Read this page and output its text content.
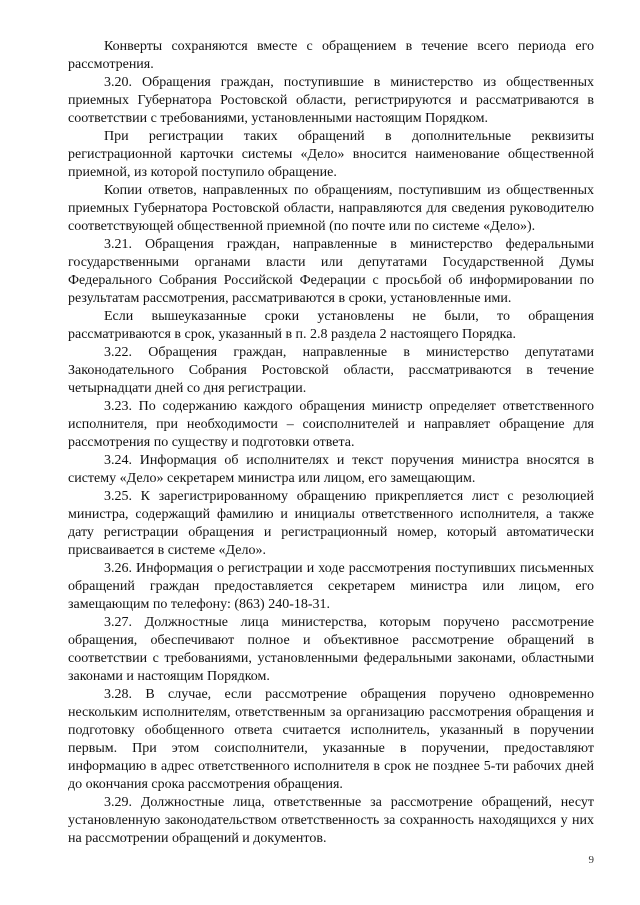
Конверты сохраняются вместе с обращением в течение всего периода его рассмотрения.

3.20. Обращения граждан, поступившие в министерство из общественных приемных Губернатора Ростовской области, регистрируются и рассматриваются в соответствии с требованиями, установленными настоящим Порядком.

При регистрации таких обращений в дополнительные реквизиты регистрационной карточки системы «Дело» вносится наименование общественной приемной, из которой поступило обращение.

Копии ответов, направленных по обращениям, поступившим из общественных приемных Губернатора Ростовской области, направляются для сведения руководителю соответствующей общественной приемной (по почте или по системе «Дело»).

3.21. Обращения граждан, направленные в министерство федеральными государственными органами власти или депутатами Государственной Думы Федерального Собрания Российской Федерации с просьбой об информировании по результатам рассмотрения, рассматриваются в сроки, установленные ими.

Если вышеуказанные сроки установлены не были, то обращения рассматриваются в срок, указанный в п. 2.8 раздела 2 настоящего Порядка.

3.22. Обращения граждан, направленные в министерство депутатами Законодательного Собрания Ростовской области, рассматриваются в течение четырнадцати дней со дня регистрации.

3.23. По содержанию каждого обращения министр определяет ответственного исполнителя, при необходимости – соисполнителей и направляет обращение для рассмотрения по существу и подготовки ответа.

3.24. Информация об исполнителях и текст поручения министра вносятся в систему «Дело» секретарем министра или лицом, его замещающим.

3.25. К зарегистрированному обращению прикрепляется лист с резолюцией министра, содержащий фамилию и инициалы ответственного исполнителя, а также дату регистрации обращения и регистрационный номер, который автоматически присваивается в системе «Дело».

3.26. Информация о регистрации и ходе рассмотрения поступивших письменных обращений граждан предоставляется секретарем министра или лицом, его замещающим по телефону: (863) 240-18-31.

3.27. Должностные лица министерства, которым поручено рассмотрение обращения, обеспечивают полное и объективное рассмотрение обращений в соответствии с требованиями, установленными федеральными законами, областными законами и настоящим Порядком.

3.28. В случае, если рассмотрение обращения поручено одновременно нескольким исполнителям, ответственным за организацию рассмотрения обращения и подготовку обобщенного ответа считается исполнитель, указанный в поручении первым. При этом соисполнители, указанные в поручении, предоставляют информацию в адрес ответственного исполнителя в срок не позднее 5-ти рабочих дней до окончания срока рассмотрения обращения.

3.29. Должностные лица, ответственные за рассмотрение обращений, несут установленную законодательством ответственность за сохранность находящихся у них на рассмотрении обращений и документов.

9
